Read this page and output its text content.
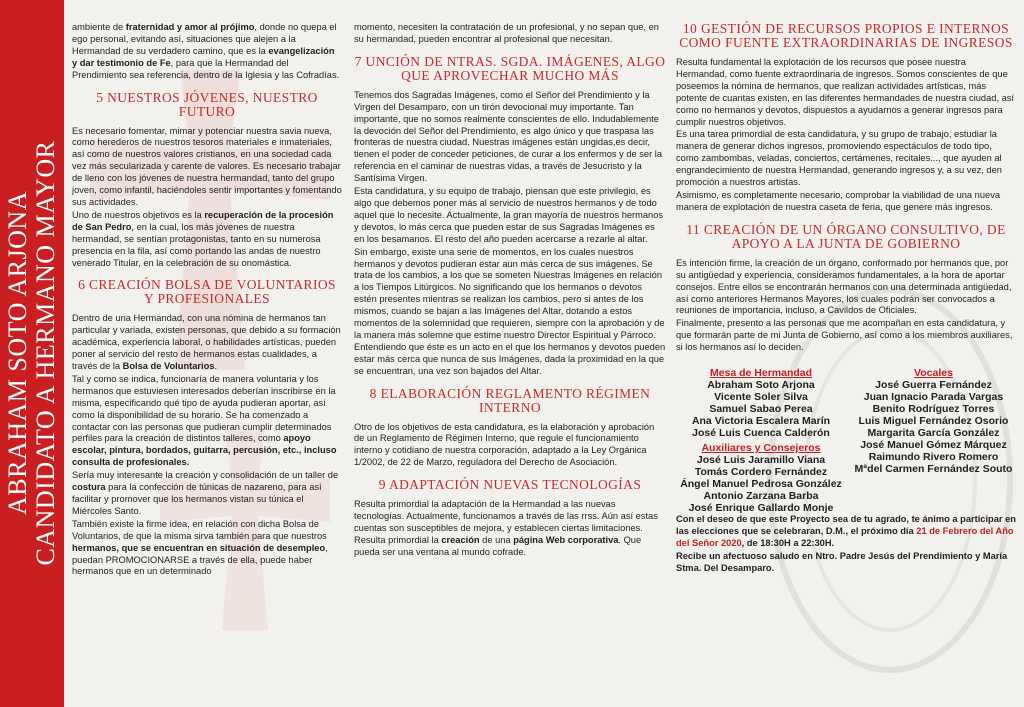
ABRAHAM SOTO ARJONA CANDIDATO A HERMANO MAYOR

ambiente de fraternidad y amor al prójimo, donde no quepa el ego personal, evitando así, situaciones que alejen a la Hermandad de su verdadero camino, que es la evangelización y dar testimonio de Fe, para que la Hermandad del Prendimiento sea referencia, dentro de la Iglesia y las Cofradías.

5 NUESTROS JÓVENES, NUESTRO FUTURO

Es necesario fomentar, mimar y potenciar nuestra savia nueva, como herederos de nuestros tesoros materiales e inmateriales, así como de nuestros valores cristianos, en una sociedad cada vez más secularizada y carente de valores. Es necesario trabajar de lleno con los jóvenes de nuestra hermandad, tanto del grupo joven, como infantil, haciéndoles sentir importantes y fomentando sus actividades.

Uno de nuestros objetivos es la recuperación de la procesión de San Pedro, en la cual, los más jóvenes de nuestra hermandad, se sentían protagonistas, tanto en su numerosa presencia en la fila, así como portando las andas de nuestro venerado Titular, en la celebración de su onomástica.

6 CREACIÓN BOLSA DE VOLUNTARIOS Y PROFESIONALES

Dentro de una Hermandad, con una nómina de hermanos tan particular y variada, existen personas, que debido a su formación académica, experiencia laboral, o habilidades artísticas, pueden poner al servicio del resto de hermanos estas cualidades, a través de la Bolsa de Voluntarios.

Tal y como se indica, funcionaría de manera voluntaria y los hermanos que estuviesen interesados deberían inscribirse en la misma, especificando qué tipo de ayuda pudieran aportar, así como la disponibilidad de su horario. Se ha comenzado a contactar con las personas que pudieran cumplir determinados perfiles para la creación de distintos talleres, como apoyo escolar, pintura, bordados, guitarra, percusión, etc., incluso consulta de profesionales.

Sería muy interesante la creación y consolidación de un taller de costura para la confección de túnicas de nazareno, para así facilitar y promover que los hermanos vistan su túnica el Miércoles Santo.

También existe la firme idea, en relación con dicha Bolsa de Voluntarios, de que la misma sirva también para que nuestros hermanos, que se encuentran en situación de desempleo, puedan PROMOCIONARSE a través de ella, puede haber hermanos que en un determinado

momento, necesiten la contratación de un profesional, y no sepan que, en su hermandad, pueden encontrar al profesional que necesitan.

7 UNCIÓN DE NTRAS. SGDA. IMÁGENES, ALGO QUE APROVECHAR MUCHO MÁS

Tenemos dos Sagradas Imágenes, como el Señor del Prendimiento y la Virgen del Desamparo, con un tirón devocional muy importante. Tan importante, que no somos realmente conscientes de ello. Indudablemente la devoción del Señor del Prendimiento, es algo único y que traspasa las fronteras de nuestra ciudad. Nuestras imágenes están ungidas,es decir, tienen el poder de conceder peticiones, de curar a los enfermos y de ser la referencia en el caminar de nuestras vidas, a través de Jesucristo y la Santísima Virgen.

Esta candidatura, y su equipo de trabajo, piensan que este privilegio, es algo que debemos poner más al servicio de nuestros hermanos y de todo aquel que lo necesite. Actualmente, la gran mayoría de nuestros hermanos y devotos, lo más cerca que pueden estar de sus Sagradas Imágenes es en los besamanos. El resto del año pueden acercarse a rezarle al altar.

Sin embargo, existe una serie de momentos, en los cuales nuestros hermanos y devotos pudieran estar aun más cerca de sus imágenes. Se trata de los cambios, a los que se someten Nuestras Imágenes en relación a los Tiempos Litúrgicos. No significando que los hermanos o devotos estén presentes mientras se realizan los cambios, pero si antes de los mismos, cuando se bajan a las Imágenes del Altar, dotando a estos momentos de la solemnidad que requieren, siempre con la aprobación y de la manera más solemne que estime nuestro Director Espiritual y Párroco. Entendiendo que éste es un acto en el que los hermanos y devotos pueden estar más cerca que nunca de sus Imágenes, dada la proximidad en la que se encuentran, una vez son bajados del Altar.

8 ELABORACIÓN REGLAMENTO RÉGIMEN INTERNO

Otro de los objetivos de esta candidatura, es la elaboración y aprobación de un Reglamento de Régimen Interno, que regule el funcionamiento interno y cotidiano de nuestra corporación, adaptado a la Ley Orgánica 1/2002, de 22 de Marzo, reguladora del Derecho de Asociación.

9 ADAPTACIÓN NUEVAS TECNOLOGÍAS

Resulta primordial la adaptación de la Hermandad a las nuevas tecnologías. Actualmente, funcionamos a través de las rrss. Aún así estas cuentas son susceptibles de mejora, y establecen ciertas limitaciones. Resulta primordial la creación de una página Web corporativa. Que pueda ser una ventana al mundo cofrade.

10 GESTIÓN DE RECURSOS PROPIOS E INTERNOS COMO FUENTE EXTRAORDINARIAS DE INGRESOS

Resulta fundamental la explotación de los recursos que posee nuestra Hermandad, como fuente extraordinaria de ingresos. Somos conscientes de que poseemos la nómina de hermanos, que realizan actividades artísticas, más potente de cuantas existen, en las diferentes hermandades de nuestra ciudad, así como no hermanos y devotos, dispuestos a ayudarnos a generar ingresos para cumplir nuestros objetivos.

Es una tarea primordial de esta candidatura, y su grupo de trabajo, estudiar la manera de generar dichos ingresos, promoviendo espectáculos de todo tipo, como zambombas, veladas, conciertos, certámenes, recitales..., que ayuden al engrandecimiento de nuestra Hermandad, generando ingresos y, a su vez, den promoción a nuestros artistas.

Asimismo, es completamente necesario, comprobar la viabilidad de una nueva manera de explotación de nuestra caseta de feria, que genere más ingresos.

11 CREACIÓN DE UN ÓRGANO CONSULTIVO, DE APOYO A LA JUNTA DE GOBIERNO

Es intención firme, la creación de un órgano, conformado por hermanos que, por su antigüedad y experiencia, consideramos fundamentales, a la hora de aportar consejos. Entre ellos se encontrarán hermanos con una determinada antigüedad, así como anteriores Hermanos Mayores, los cuales podrán ser convocados a reuniones de importancia, incluso, a Cavildos de Oficiales.

Finalmente, presento a las personas que me acompañan en esta candidatura, y que formarán parte de mi Junta de Gobierno, así como a los miembros auxiliares, si los hermanos así lo deciden.

Mesa de Hermandad
Abraham Soto Arjona
Vicente Soler Silva
Samuel Sabao Perea
Ana Victoria Escalera Marín
José Luis Cuenca Calderón
Auxiliares y Consejeros
José Luis Jaramillo Viana
Tomás Cordero Fernández
Ángel Manuel Pedrosa González
Antonio Zarzana Barba
José Enrique Gallardo Monje
Vocales
José Guerra Fernández
Juan Ignacio Parada Vargas
Benito Rodríguez Torres
Luis Miguel Fernández Osorio
Margarita García González
José Manuel Gómez Márquez
Raimundo Rivero Romero
Mªdel Carmen Fernández Souto

Con el deseo de que este Proyecto sea de tu agrado, te ánimo a participar en las elecciones que se celebraran, D.M., el próximo día 21 de Febrero del Año del Señor 2020, de 18:30H a 22:30H.

Recibe un afectuoso saludo en Ntro. Padre Jesús del Prendimiento y María Stma. Del Desamparo.
